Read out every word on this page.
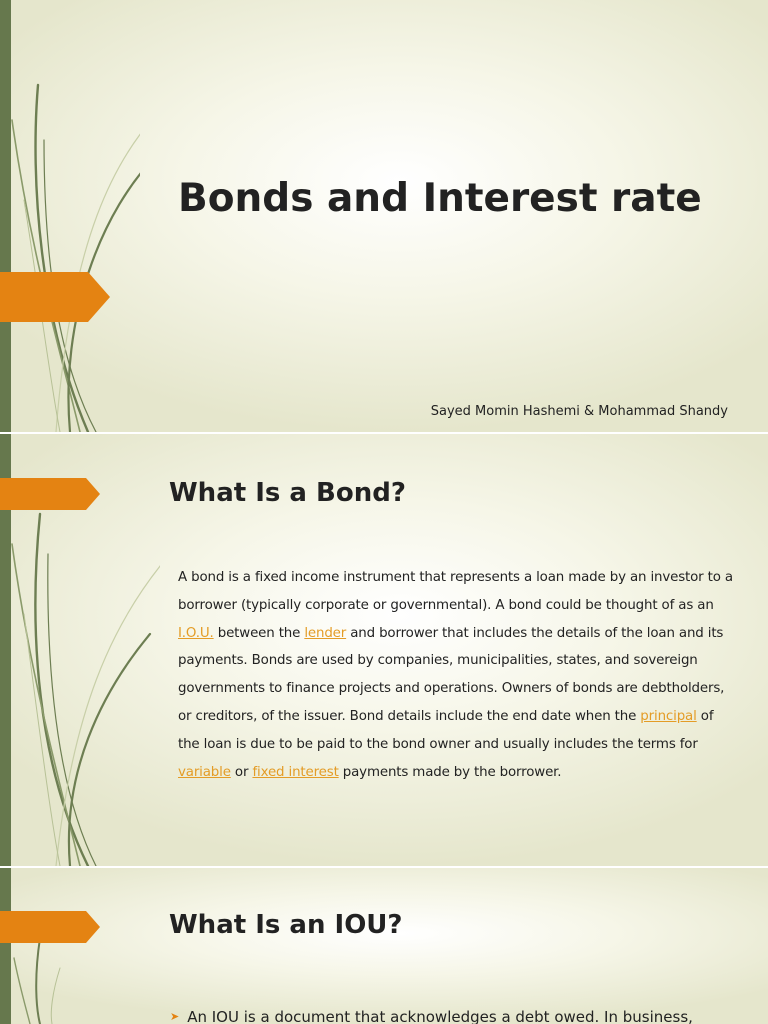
Bonds and Interest rate
Sayed Momin Hashemi & Mohammad Shandy
What Is a Bond?

A bond is a fixed income instrument that represents a loan made by an investor to a borrower (typically corporate or governmental). A bond could be thought of as an I.O.U. between the lender and borrower that includes the details of the loan and its payments. Bonds are used by companies, municipalities, states, and sovereign governments to finance projects and operations. Owners of bonds are debtholders, or creditors, of the issuer. Bond details include the end date when the principal of the loan is due to be paid to the bond owner and usually includes the terms for variable or fixed interest payments made by the borrower.

What Is an IOU?

➤ An IOU is a document that acknowledges a debt owed. In business,
